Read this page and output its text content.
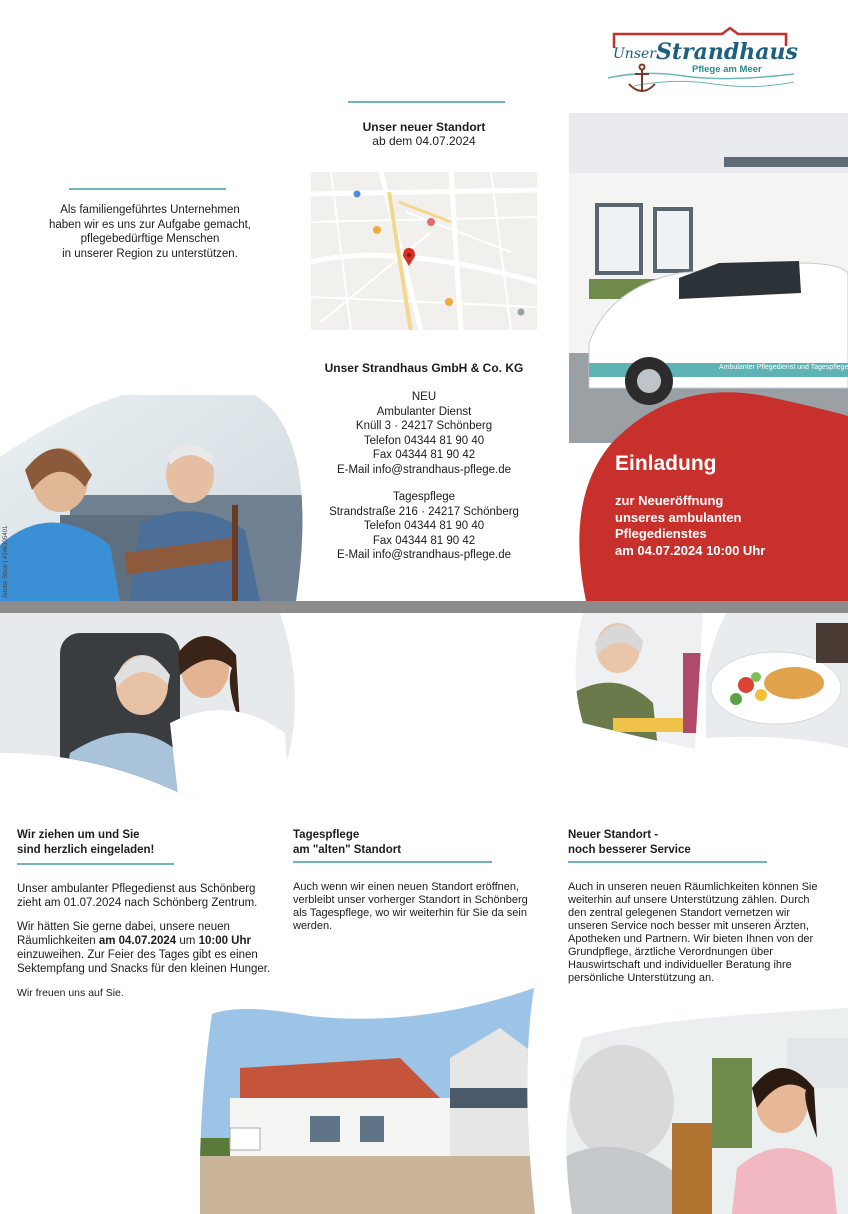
Unser Strandhaus
Pflege am Meer
Als familiengeführtes Unternehmen
haben wir es uns zur Aufgabe gemacht,
pflegebedürftige Menschen
in unserer Region zu unterstützen.
Adobe Stock | #346305401
Unser neuer Standort
ab dem 04.07.2024
Unser Strandhaus GmbH & Co. KG
NEU
Ambulanter Dienst
Knüll 3 · 24217 Schönberg
Telefon 04344 81 90 40
Fax 04344 81 90 42
E-Mail info@strandhaus-pflege.de
Tagespflege
Strandstraße 216 · 24217 Schönberg
Telefon 04344 81 90 40
Fax 04344 81 90 42
E-Mail info@strandhaus-pflege.de
Ambulanter Pflegedienst und Tagespflege
Einladung
zur Neueröffnung
unseres ambulanten
Pflegedienstes
am 04.07.2024 10:00 Uhr
Wir ziehen um und Sie
sind herzlich eingeladen!

Unser ambulanter Pflegedienst aus Schönberg zieht am 01.07.2024 nach Schönberg Zentrum.

Wir hätten Sie gerne dabei, unsere neuen Räumlichkeiten am 04.07.2024 um 10:00 Uhr einzuweihen. Zur Feier des Tages gibt es einen Sektempfang und Snacks für den kleinen Hunger.

Wir freuen uns auf Sie.

Tagespflege
am "alten" Standort

Auch wenn wir einen neuen Standort eröffnen, verbleibt unser vorherger Standort in Schönberg als Tagespflege, wo wir weiterhin für Sie da sein werden.

Neuer Standort -
noch besserer Service

Auch in unseren neuen Räumlichkeiten können Sie weiterhin auf unsere Unterstützung zählen. Durch den zentral gelegenen Standort vernetzen wir unseren Service noch besser mit unseren Ärzten, Apotheken und Partnern. Wir bieten Ihnen von der Grundpflege, ärztliche Verordnungen über Hauswirtschaft und individueller Beratung ihre persönliche Unterstützung an.
